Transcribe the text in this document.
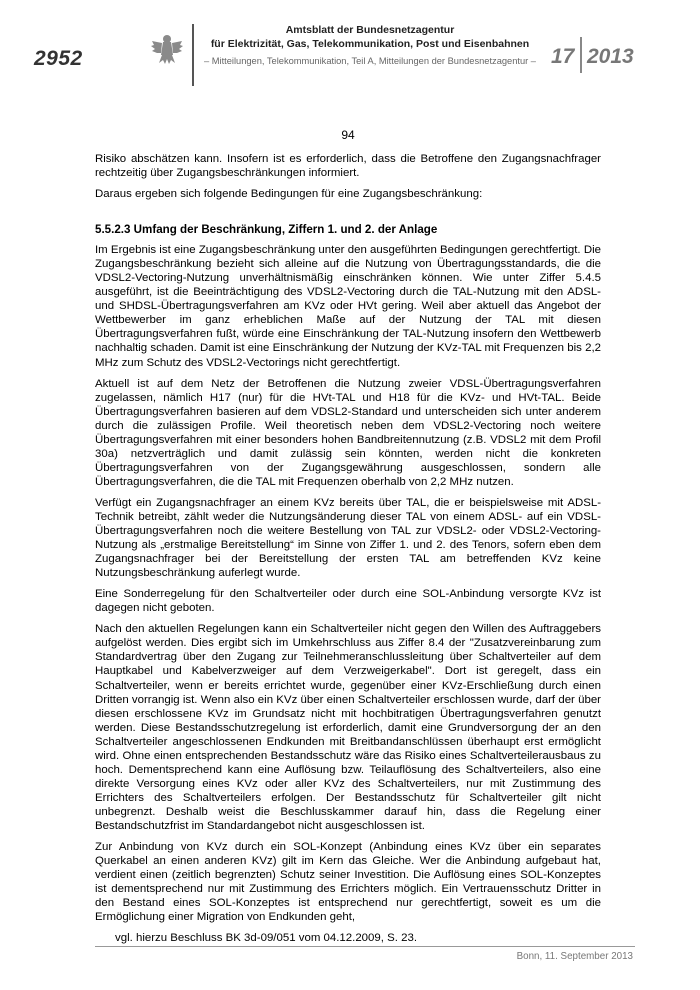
2952
Amtsblatt der Bundesnetzagentur
für Elektrizität, Gas, Telekommunikation, Post und Eisenbahnen
– Mitteilungen, Telekommunikation, Teil A, Mitteilungen der Bundesnetzagentur – 17 2013
94

Risiko abschätzen kann. Insofern ist es erforderlich, dass die Betroffene den Zugangsnachfrager rechtzeitig über Zugangsbeschränkungen informiert.

Daraus ergeben sich folgende Bedingungen für eine Zugangsbeschränkung:

5.5.2.3 Umfang der Beschränkung, Ziffern 1. und 2. der Anlage

Im Ergebnis ist eine Zugangsbeschränkung unter den ausgeführten Bedingungen gerechtfertigt. Die Zugangsbeschränkung bezieht sich alleine auf die Nutzung von Übertragungsstandards, die die VDSL2-Vectoring-Nutzung unverhältnismäßig einschränken können. Wie unter Ziffer 5.4.5 ausgeführt, ist die Beeinträchtigung des VDSL2-Vectoring durch die TAL-Nutzung mit den ADSL- und SHDSL-Übertragungsverfahren am KVz oder HVt gering. Weil aber aktuell das Angebot der Wettbewerber im ganz erheblichen Maße auf der Nutzung der TAL mit diesen Übertragungsverfahren fußt, würde eine Einschränkung der TAL-Nutzung insofern den Wettbewerb nachhaltig schaden. Damit ist eine Einschränkung der Nutzung der KVz-TAL mit Frequenzen bis 2,2 MHz zum Schutz des VDSL2-Vectorings nicht gerechtfertigt.

Aktuell ist auf dem Netz der Betroffenen die Nutzung zweier VDSL-Übertragungsverfahren zugelassen, nämlich H17 (nur) für die HVt-TAL und H18 für die KVz- und HVt-TAL. Beide Übertragungsverfahren basieren auf dem VDSL2-Standard und unterscheiden sich unter anderem durch die zulässigen Profile. Weil theoretisch neben dem VDSL2-Vectoring noch weitere Übertragungsverfahren mit einer besonders hohen Bandbreitennutzung (z.B. VDSL2 mit dem Profil 30a) netzverträglich und damit zulässig sein könnten, werden nicht die konkreten Übertragungsverfahren von der Zugangsgewährung ausgeschlossen, sondern alle Übertragungsverfahren, die die TAL mit Frequenzen oberhalb von 2,2 MHz nutzen.

Verfügt ein Zugangsnachfrager an einem KVz bereits über TAL, die er beispielsweise mit ADSL-Technik betreibt, zählt weder die Nutzungsänderung dieser TAL von einem ADSL- auf ein VDSL-Übertragungsverfahren noch die weitere Bestellung von TAL zur VDSL2- oder VDSL2-Vectoring-Nutzung als „erstmalige Bereitstellung“ im Sinne von Ziffer 1. und 2. des Tenors, sofern eben dem Zugangsnachfrager bei der Bereitstellung der ersten TAL am betreffenden KVz keine Nutzungsbeschränkung auferlegt wurde.

Eine Sonderregelung für den Schaltverteiler oder durch eine SOL-Anbindung versorgte KVz ist dagegen nicht geboten.

Nach den aktuellen Regelungen kann ein Schaltverteiler nicht gegen den Willen des Auftraggebers aufgelöst werden. Dies ergibt sich im Umkehrschluss aus Ziffer 8.4 der "Zusatzvereinbarung zum Standardvertrag über den Zugang zur Teilnehmeranschlussleitung über Schaltverteiler auf dem Hauptkabel und Kabelverzweiger auf dem Verzweigerkabel". Dort ist geregelt, dass ein Schaltverteiler, wenn er bereits errichtet wurde, gegenüber einer KVz-Erschließung durch einen Dritten vorrangig ist. Wenn also ein KVz über einen Schaltverteiler erschlossen wurde, darf der über diesen erschlossene KVz im Grundsatz nicht mit hochbitratigen Übertragungsverfahren genutzt werden. Diese Bestandsschutzregelung ist erforderlich, damit eine Grundversorgung der an den Schaltverteiler angeschlossenen Endkunden mit Breitbandanschlüssen überhaupt erst ermöglicht wird. Ohne einen entsprechenden Bestandsschutz wäre das Risiko eines Schaltverteilerausbaus zu hoch. Dementsprechend kann eine Auflösung bzw. Teilauflösung des Schaltverteilers, also eine direkte Versorgung eines KVz oder aller KVz des Schaltverteilers, nur mit Zustimmung des Errichters des Schaltverteilers erfolgen. Der Bestandsschutz für Schaltverteiler gilt nicht unbegrenzt. Deshalb weist die Beschlusskammer darauf hin, dass die Regelung einer Bestandschutzfrist im Standardangebot nicht ausgeschlossen ist.

Zur Anbindung von KVz durch ein SOL-Konzept (Anbindung eines KVz über ein separates Querkabel an einen anderen KVz) gilt im Kern das Gleiche. Wer die Anbindung aufgebaut hat, verdient einen (zeitlich begrenzten) Schutz seiner Investition. Die Auflösung eines SOL-Konzeptes ist dementsprechend nur mit Zustimmung des Errichters möglich. Ein Vertrauensschutz Dritter in den Bestand eines SOL-Konzeptes ist entsprechend nur gerechtfertigt, soweit es um die Ermöglichung einer Migration von Endkunden geht,

vgl. hierzu Beschluss BK 3d-09/051 vom 04.12.2009, S. 23.
Bonn, 11. September 2013
